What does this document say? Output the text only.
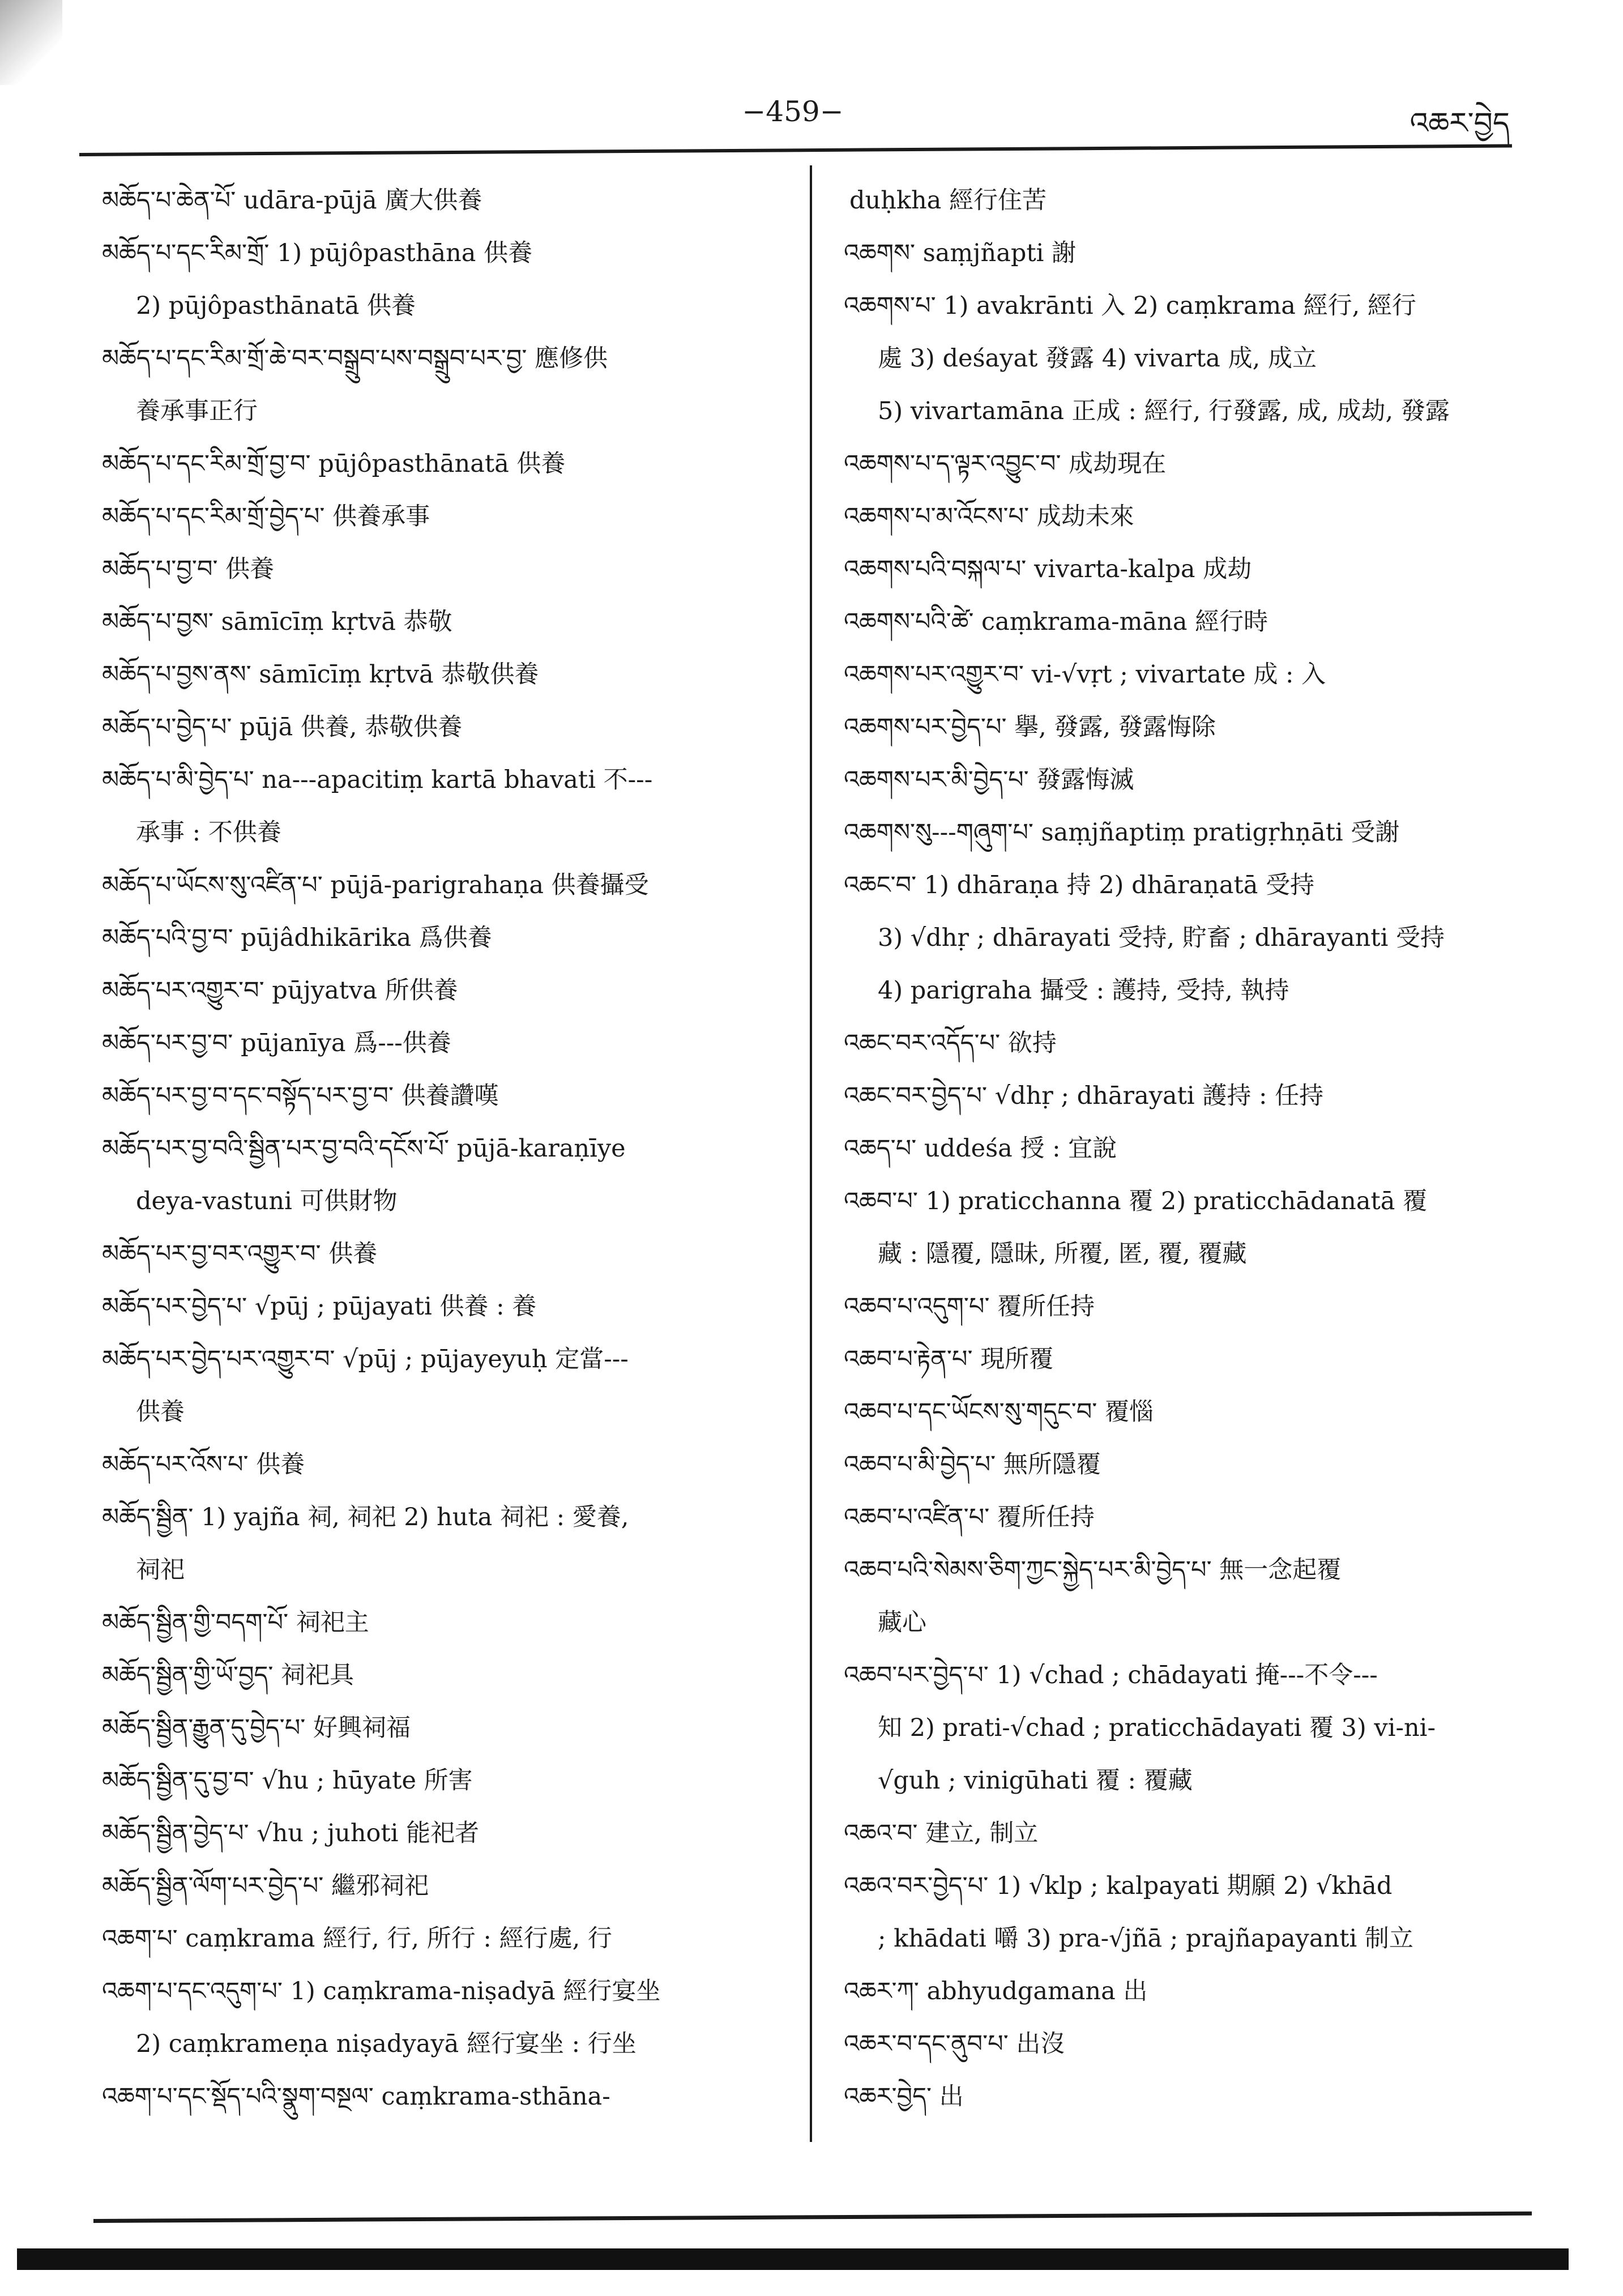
−459−	འཆར་བྱེད
མཆོད་པ་ཆེན་པོ་ udāra-pūjā 廣大供養
མཆོད་པ་དང་རིམ་གྲོ་ 1) pūjôpasthāna 供養
2) pūjôpasthānatā 供養
མཆོད་པ་དང་རིམ་གྲོ་ཆེ་བར་བསྒྲུབ་པས་བསྒྲུབ་པར་བྱ་ 應修供
養承事正行
མཆོད་པ་དང་རིམ་གྲོ་བྱ་བ་ pūjôpasthānatā 供養
མཆོད་པ་དང་རིམ་གྲོ་བྱེད་པ་ 供養承事
མཆོད་པ་བྱ་བ་ 供養
མཆོད་པ་བྱས་ sāmīcīṃ kṛtvā 恭敬
མཆོད་པ་བྱས་ནས་ sāmīcīṃ kṛtvā 恭敬供養
མཆོད་པ་བྱེད་པ་ pūjā 供養, 恭敬供養
མཆོད་པ་མི་བྱེད་པ་ na---apacitiṃ kartā bhavati 不---
承事 : 不供養
མཆོད་པ་ཡོངས་སུ་འཛིན་པ་ pūjā-parigrahaṇa 供養攝受
མཆོད་པའི་བྱ་བ་ pūjâdhikārika 爲供養
མཆོད་པར་འགྱུར་བ་ pūjyatva 所供養
མཆོད་པར་བྱ་བ་ pūjanīya 爲---供養
མཆོད་པར་བྱ་བ་དང་བསྟོད་པར་བྱ་བ་ 供養讚嘆
མཆོད་པར་བྱ་བའི་སྦྱིན་པར་བྱ་བའི་དངོས་པོ་ pūjā-karaṇīye
deya-vastuni 可供財物
མཆོད་པར་བྱ་བར་འགྱུར་བ་ 供養
མཆོད་པར་བྱེད་པ་ √pūj ; pūjayati 供養 : 養
མཆོད་པར་བྱེད་པར་འགྱུར་བ་ √pūj ; pūjayeyuḥ 定當---
供養
མཆོད་པར་འོས་པ་ 供養
མཆོད་སྦྱིན་ 1) yajña 祠, 祠祀 2) huta 祠祀 : 愛養,
祠祀
མཆོད་སྦྱིན་གྱི་བདག་པོ་ 祠祀主
མཆོད་སྦྱིན་གྱི་ཡོ་བྱད་ 祠祀具
མཆོད་སྦྱིན་རྒྱུན་དུ་བྱེད་པ་ 好興祠福
མཆོད་སྦྱིན་དུ་བྱ་བ་ √hu ; hūyate 所害
མཆོད་སྦྱིན་བྱེད་པ་ √hu ; juhoti 能祀者
མཆོད་སྦྱིན་ལོག་པར་བྱེད་པ་ 繼邪祠祀
འཆག་པ་ caṃkrama 經行, 行, 所行 : 經行處, 行
འཆག་པ་དང་འདུག་པ་ 1) caṃkrama-niṣadyā 經行宴坐
2) caṃkrameṇa niṣadyayā 經行宴坐 : 行坐
འཆག་པ་དང་སྡོད་པའི་སྣུག་བསྔལ་ caṃkrama-sthāna-
duḥkha 經行住苦
འཆགས་ saṃjñapti 謝
འཆགས་པ་ 1) avakrānti 入 2) caṃkrama 經行, 經行
處 3) deśayat 發露 4) vivarta 成, 成立
5) vivartamāna 正成 : 經行, 行發露, 成, 成劫, 發露
འཆགས་པ་ད་ལྟར་འབྱུང་བ་ 成劫現在
འཆགས་པ་མ་འོངས་པ་ 成劫未來
འཆགས་པའི་བསྐལ་པ་ vivarta-kalpa 成劫
འཆགས་པའི་ཚེ་ caṃkrama-māna 經行時
འཆགས་པར་འགྱུར་བ་ vi-√vṛt ; vivartate 成 : 入
འཆགས་པར་བྱེད་པ་ 擧, 發露, 發露悔除
འཆགས་པར་མི་བྱེད་པ་ 發露悔滅
འཆགས་སུ---གཞུག་པ་ saṃjñaptiṃ pratigṛhṇāti 受謝
འཆང་བ་ 1) dhāraṇa 持 2) dhāraṇatā 受持
3) √dhṛ ; dhārayati 受持, 貯畜 ; dhārayanti 受持
4) parigraha 攝受 : 護持, 受持, 執持
འཆང་བར་འདོད་པ་ 欲持
འཆང་བར་བྱེད་པ་ √dhṛ ; dhārayati 護持 : 任持
འཆད་པ་ uddeśa 授 : 宜說
འཆབ་པ་ 1) praticchanna 覆 2) praticchādanatā 覆
藏 : 隱覆, 隱昧, 所覆, 匿, 覆, 覆藏
འཆབ་པ་འདུག་པ་ 覆所任持
འཆབ་པ་རྟེན་པ་ 現所覆
འཆབ་པ་དང་ཡོངས་སུ་གདུང་བ་ 覆惱
འཆབ་པ་མི་བྱེད་པ་ 無所隱覆
འཆབ་པ་འཛིན་པ་ 覆所任持
འཆབ་པའི་སེམས་ཅིག་ཀྱང་སྐྱེད་པར་མི་བྱེད་པ་ 無一念起覆
藏心
འཆབ་པར་བྱེད་པ་ 1) √chad ; chādayati 掩---不令---
知 2) prati-√chad ; praticchādayati 覆 3) vi-ni-
√guh ; vinigūhati 覆 : 覆藏
འཆའ་བ་ 建立, 制立
འཆའ་བར་བྱེད་པ་ 1) √klp ; kalpayati 期願 2) √khād
; khādati 嚼 3) pra-√jñā ; prajñapayanti 制立
འཆར་ཀ་ abhyudgamana 出
འཆར་བ་དང་ནུབ་པ་ 出沒
འཆར་བྱེད་ 出
